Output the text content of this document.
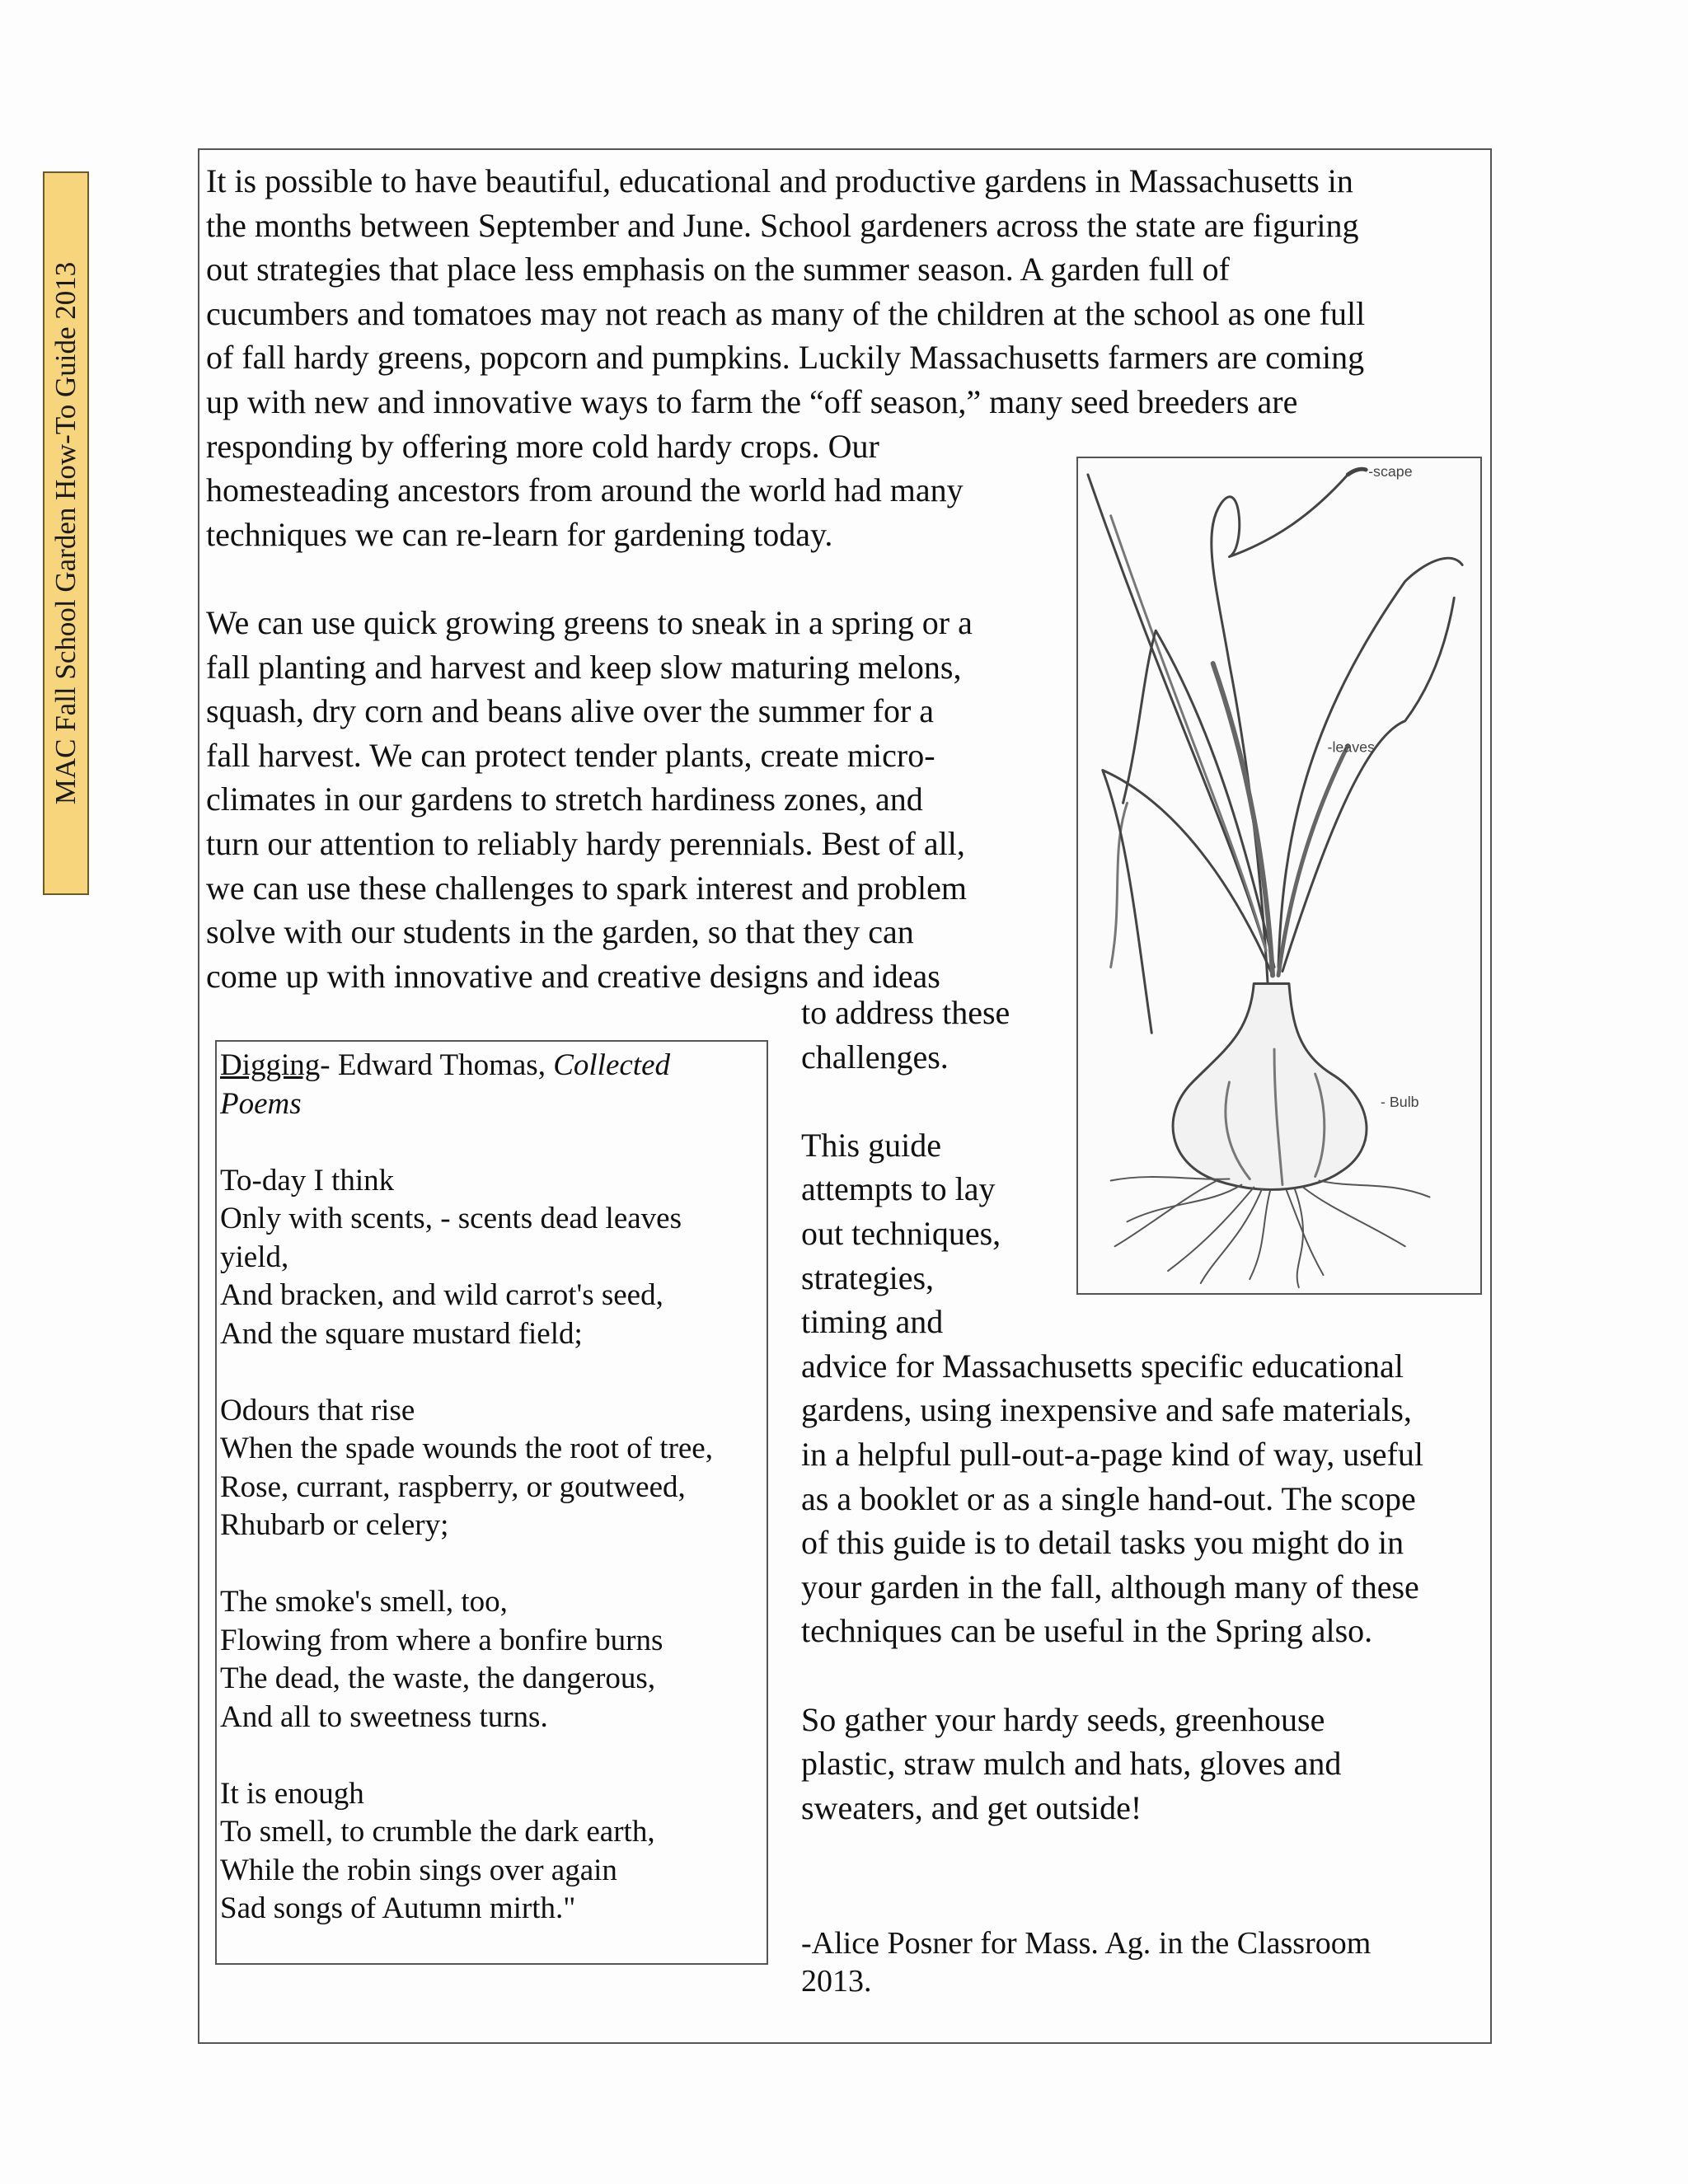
MAC Fall School Garden How-To Guide 2013
It is possible to have beautiful, educational and productive gardens in Massachusetts in
the months between September and June. School gardeners across the state are figuring
out strategies that place less emphasis on the summer season. A garden full of
cucumbers and tomatoes may not reach as many of the children at the school as one full
of fall hardy greens, popcorn and pumpkins. Luckily Massachusetts farmers are coming
up with new and innovative ways to farm the “off season,” many seed breeders are
responding by offering more cold hardy crops. Our
homesteading ancestors from around the world had many
techniques we can re-learn for gardening today.
We can use quick growing greens to sneak in a spring or a
fall planting and harvest and keep slow maturing melons,
squash, dry corn and beans alive over the summer for a
fall harvest. We can protect tender plants, create micro-
climates in our gardens to stretch hardiness zones, and
turn our attention to reliably hardy perennials. Best of all,
we can use these challenges to spark interest and problem
solve with our students in the garden, so that they can
come up with innovative and creative designs and ideas
to address these
challenges.
This guide
attempts to lay
out techniques,
strategies,
timing and
advice for Massachusetts specific educational
gardens, using inexpensive and safe materials,
in a helpful pull-out-a-page kind of way, useful
as a booklet or as a single hand-out. The scope
of this guide is to detail tasks you might do in
your garden in the fall, although many of these
techniques can be useful in the Spring also.
So gather your hardy seeds, greenhouse
plastic, straw mulch and hats, gloves and
sweaters, and get outside!
-Alice Posner for Mass. Ag. in the Classroom
2013.
-scape
-leaves
- Bulb
Digging- Edward Thomas, Collected
Poems
To-day I think
Only with scents, - scents dead leaves
yield,
And bracken, and wild carrot's seed,
And the square mustard field;
Odours that rise
When the spade wounds the root of tree,
Rose, currant, raspberry, or goutweed,
Rhubarb or celery;
The smoke's smell, too,
Flowing from where a bonfire burns
The dead, the waste, the dangerous,
And all to sweetness turns.
It is enough
To smell, to crumble the dark earth,
While the robin sings over again
Sad songs of Autumn mirth."
